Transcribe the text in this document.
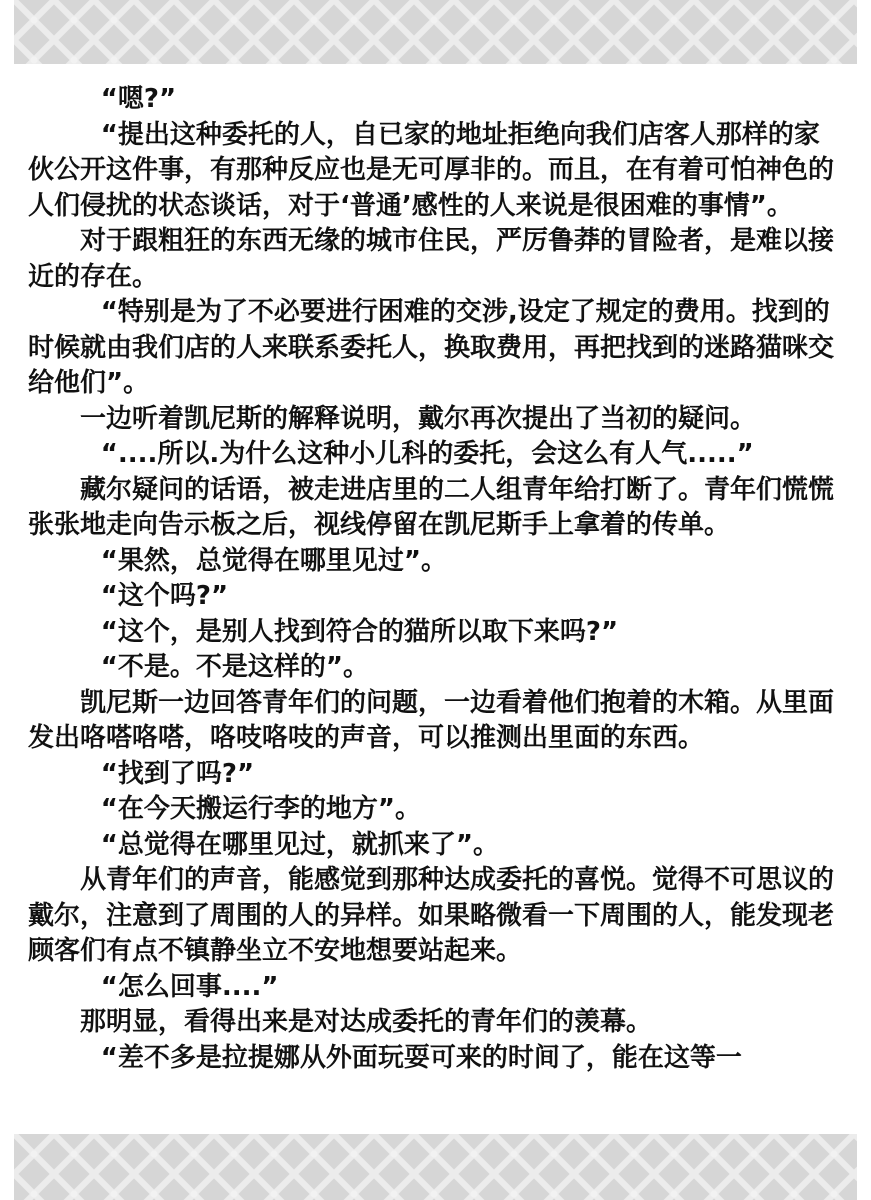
“嗯?”

“提出这种委托的人，自已家的地址拒绝向我们店客人那样的家伙公开这件事，有那种反应也是无可厚非的。而且，在有着可怕神色的人们侵扰的状态谈话，对于‘普通’感性的人来说是很困难的事情”。

对于跟粗狂的东西无缘的城市住民，严厉鲁莽的冒险者，是难以接近的存在。

“特别是为了不必要进行困难的交涉,设定了规定的费用。找到的时候就由我们店的人来联系委托人，换取费用，再把找到的迷路猫咪交给他们”。

一边听着凯尼斯的解释说明，戴尔再次提出了当初的疑问。

“....所以.为什么这种小儿科的委托，会这么有人气.....”

藏尔疑问的话语，被走进店里的二人组青年给打断了。青年们慌慌张张地走向告示板之后，视线停留在凯尼斯手上拿着的传单。

“果然，总觉得在哪里见过”。

“这个吗?”

“这个，是别人找到符合的猫所以取下来吗?”

“不是。不是这样的”。

凯尼斯一边回答青年们的问题，一边看着他们抱着的木箱。从里面发出咯嗒咯嗒，咯吱咯吱的声音，可以推测出里面的东西。

“找到了吗?”

“在今天搬运行李的地方”。

“总觉得在哪里见过，就抓来了”。

从青年们的声音，能感觉到那种达成委托的喜悦。觉得不可思议的戴尔，注意到了周围的人的异样。如果略微看一下周围的人，能发现老顾客们有点不镇静坐立不安地想要站起来。

“怎么回事....”

那明显，看得出来是对达成委托的青年们的羡幕。

“差不多是拉提娜从外面玩耍可来的时间了，能在这等一
